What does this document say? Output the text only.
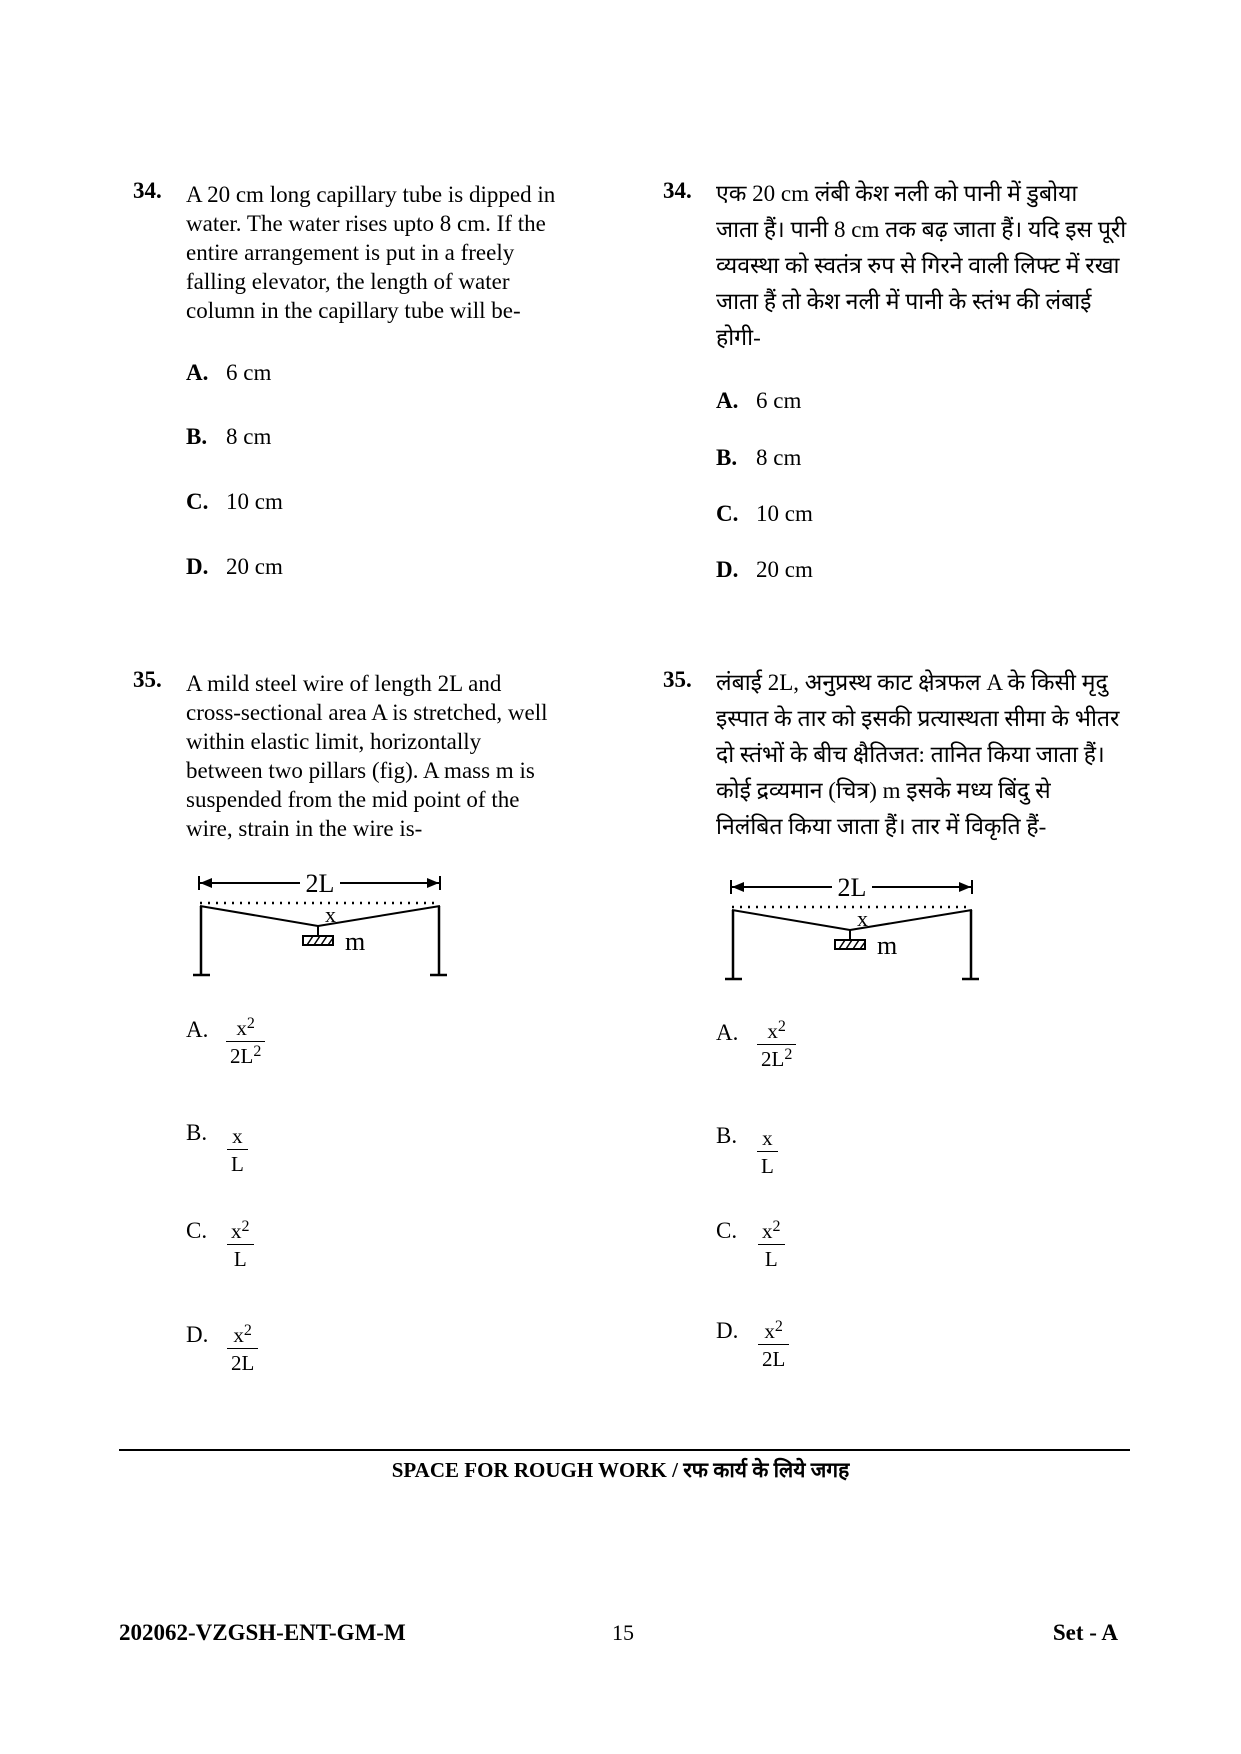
34. A 20 cm long capillary tube is dipped in
water. The water rises upto 8 cm. If the
entire arrangement is put in a freely
falling elevator, the length of water
column in the capillary tube will be-
A. 6 cm
B. 8 cm
C. 10 cm
D. 20 cm
34. एक 20 cm लंबी केश नली को पानी में डुबोया
जाता हैं। पानी 8 cm तक बढ़ जाता हैं। यदि इस पूरी
व्यवस्था को स्वतंत्र रुप से गिरने वाली लिफ्ट में रखा
जाता हैं तो केश नली में पानी के स्तंभ की लंबाई
होगी-
A. 6 cm
B. 8 cm
C. 10 cm
D. 20 cm
35. A mild steel wire of length 2L and
cross-sectional area A is stretched, well
within elastic limit, horizontally
between two pillars (fig). A mass m is
suspended from the mid point of the
wire, strain in the wire is-
2L
x
m
A. $x^2$
$2L^2$
B. x
L
C. $x^2$
L
D. $x^2$
2L
35. लंबाई 2L, अनुप्रस्थ काट क्षेत्रफल A के किसी मृदु
इस्पात के तार को इसकी प्रत्यास्थता सीमा के भीतर
दो स्तंभों के बीच क्षैतिजत: तानित किया जाता हैं।
कोई द्रव्यमान (चित्र) m इसके मध्य बिंदु से
निलंबित किया जाता हैं। तार में विकृति हैं-
2L
x
m
A. $x^2$
$2L^2$
B. x
L
C. $x^2$
L
D. $x^2$
2L
SPACE FOR ROUGH WORK / रफ कार्य के लिये जगह
202062-VZGSH-ENT-GM-M	15	Set - A
